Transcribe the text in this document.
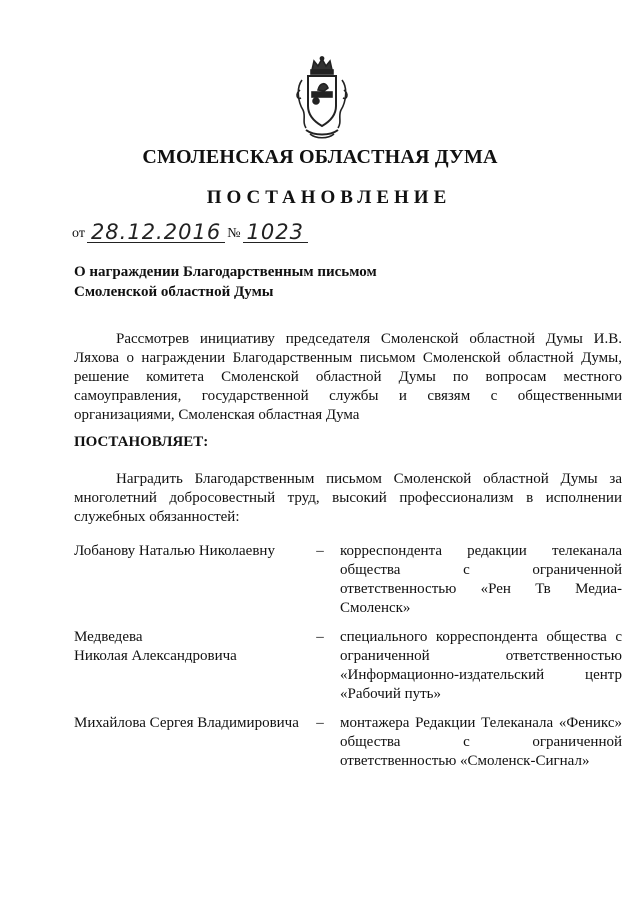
СМОЛЕНСКАЯ ОБЛАСТНАЯ ДУМА
ПОСТАНОВЛЕНИЕ
от 28.12.2016 № 1023
О награждении Благодарственным письмом
Смоленской областной Думы
Рассмотрев инициативу председателя Смоленской областной Думы И.В. Ляхова о награждении Благодарственным письмом Смоленской областной Думы, решение комитета Смоленской областной Думы по вопросам местного самоуправления, государственной службы и связям с общественными организациями, Смоленская областная Дума
ПОСТАНОВЛЯЕТ:
Наградить Благодарственным письмом Смоленской областной Думы за многолетний добросовестный труд, высокий профессионализм в исполнении служебных обязанностей:
Лобанову Наталью Николаевну	– корреспондента редакции телеканала общества с ограниченной ответственностью «Рен Тв Медиа-Смоленск»
Медведева
Николая Александровича
– специального корреспондента общества с ограниченной ответственностью «Информационно-издательский центр «Рабочий путь»
Михайлова Сергея Владимировича	– монтажера Редакции Телеканала «Феникс» общества с ограниченной ответственностью «Смоленск-Сигнал»
